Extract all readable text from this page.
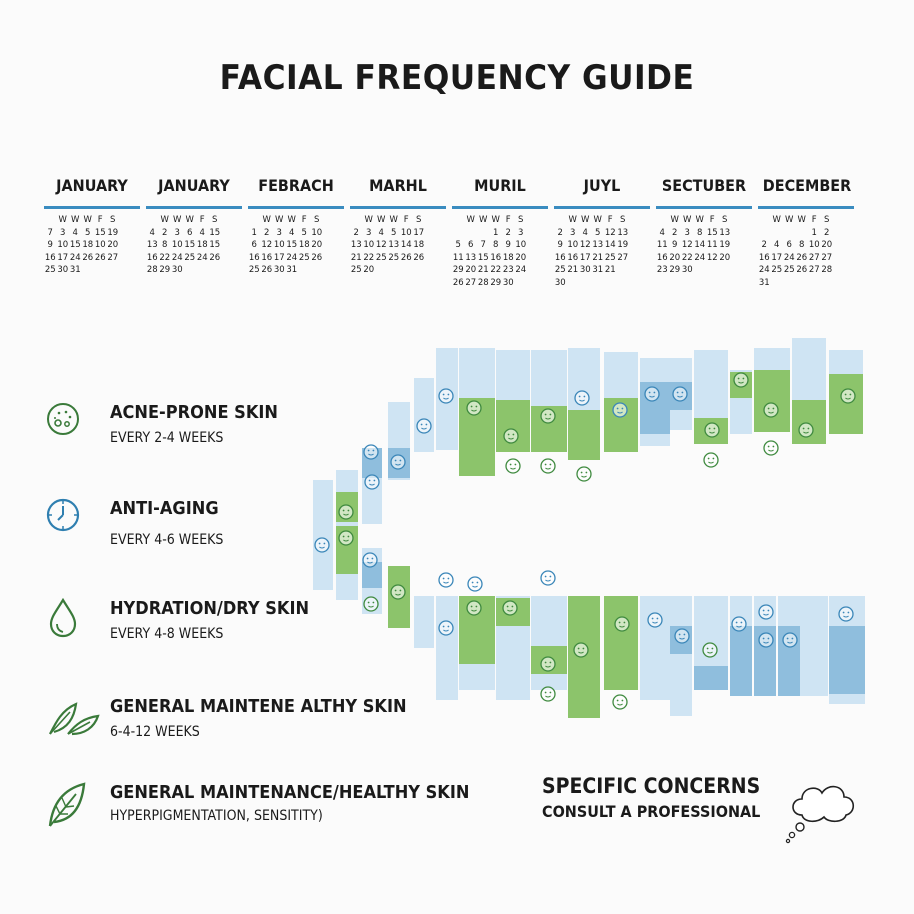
FACIAL FREQUENCY GUIDE
JANUARY
W W W F S
7 3 4 5 15 19
9 10 15 18 10 20
16 17 24 26 26 27
25 30 31
JANUARY
W W W F S
4 2 3 6 4 15
13 8 10 15 18 15
16 22 24 25 24 26
28 29 30
FEBRACH
W W W F S
1 2 3 4 5 10
6 12 10 15 18 20
16 16 17 24 25 26
25 26 30 31
MARHL
W W W F S
2 3 4 5 10 17
13 10 12 13 14 18
21 22 25 25 26 26
25 20
MURIL
W W W F S
1 2 3
5 6 7 8 9 10
11 13 15 16 18 20
29 20 21 22 23 24
26 27 28 29 30
JUYL
W W W F S
2 3 4 5 12 13
9 10 12 13 14 19
16 16 17 21 25 27
25 21 30 31 21
30
SECTUBER
W W W F S
4 2 3 8 15 13
11 9 12 14 11 19
16 20 22 24 12 20
23 29 30
DECEMBER
W W W F S
1 2
2 4 6 8 10 20
16 17 24 26 27 27
24 25 25 26 27 28
31
ACNE-PRONE SKIN
EVERY 2-4 WEEKS
ANTI-AGING
EVERY 4-6 WEEKS
HYDRATION/DRY SKIN
EVERY 4-8 WEEKS
GENERAL MAINTENE ALTHY SKIN
6-4-12 WEEKS
GENERAL MAINTENANCE/HEALTHY SKIN
HYPERPIGMENTATION, SENSITITY)
SPECIFIC CONCERNS
CONSULT A PROFESSIONAL
